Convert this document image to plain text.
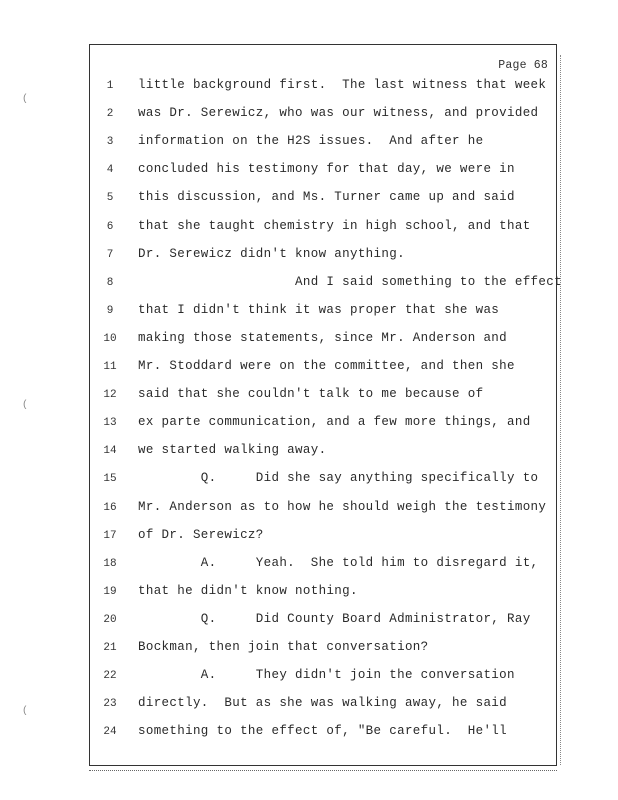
Page 68
1	little background first.  The last witness that week
2	was Dr. Serewicz, who was our witness, and provided
3	information on the H2S issues.  And after he
4	concluded his testimony for that day, we were in
5	this discussion, and Ms. Turner came up and said
6	that she taught chemistry in high school, and that
7	Dr. Serewicz didn't know anything.
8	And I said something to the effect
9	that I didn't think it was proper that she was
10 making those statements, since Mr. Anderson and
11 Mr. Stoddard were on the committee, and then she
12 said that she couldn't talk to me because of
13 ex parte communication, and a few more things, and
14 we started walking away.
15 Q.     Did she say anything specifically to
16 Mr. Anderson as to how he should weigh the testimony
17 of Dr. Serewicz?
18 A.     Yeah.  She told him to disregard it,
19 that he didn't know nothing.
20 Q.     Did County Board Administrator, Ray
21 Bockman, then join that conversation?
22 A.     They didn't join the conversation
23 directly.  But as she was walking away, he said
24 something to the effect of, "Be careful.  He'll
(
(
(
